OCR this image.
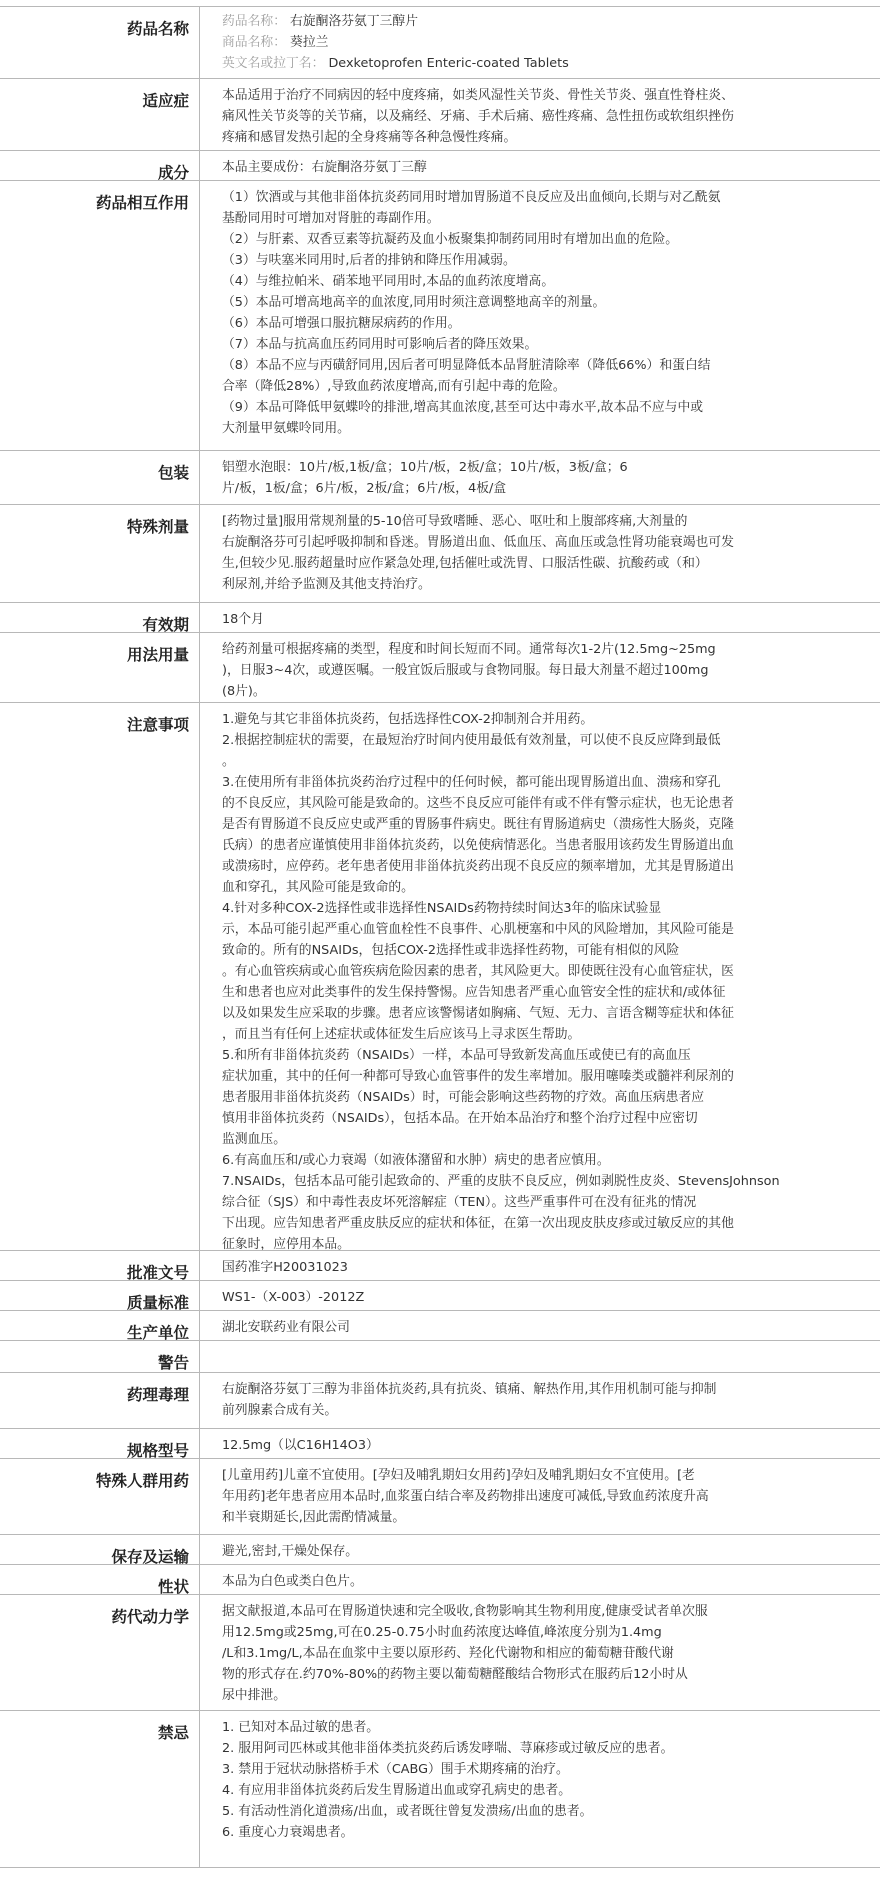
药品名称	药品名称： 右旋酮洛芬氨丁三醇片
商品名称： 葵拉兰
英文名或拉丁名： Dexketoprofen Enteric-coated Tablets
适应症	本品适用于治疗不同病因的轻中度疼痛，如类风湿性关节炎、骨性关节炎、强直性脊柱炎、
痛风性关节炎等的关节痛，以及痛经、牙痛、手术后痛、癌性疼痛、急性扭伤或软组织挫伤
疼痛和感冒发热引起的全身疼痛等各种急慢性疼痛。
成分	本品主要成份：右旋酮洛芬氨丁三醇
药品相互作用	（1）饮酒或与其他非甾体抗炎药同用时增加胃肠道不良反应及出血倾向,长期与对乙酰氨
基酚同用时可增加对肾脏的毒副作用。
（2）与肝素、双香豆素等抗凝药及血小板聚集抑制药同用时有增加出血的危险。
（3）与呋塞米同用时,后者的排钠和降压作用减弱。
（4）与维拉帕米、硝苯地平同用时,本品的血药浓度增高。
（5）本品可增高地高辛的血浓度,同用时须注意调整地高辛的剂量。
（6）本品可增强口服抗糖尿病药的作用。
（7）本品与抗高血压药同用时可影响后者的降压效果。
（8）本品不应与丙磺舒同用,因后者可明显降低本品肾脏清除率（降低66%）和蛋白结
合率（降低28%）,导致血药浓度增高,而有引起中毒的危险。
（9）本品可降低甲氨蝶呤的排泄,增高其血浓度,甚至可达中毒水平,故本品不应与中或
大剂量甲氨蝶呤同用。
包装	铝塑水泡眼：10片/板,1板/盒；10片/板，2板/盒；10片/板，3板/盒；6
片/板，1板/盒；6片/板，2板/盒；6片/板，4板/盒
特殊剂量	[药物过量]服用常规剂量的5-10倍可导致嗜睡、恶心、呕吐和上腹部疼痛,大剂量的
右旋酮洛芬可引起呼吸抑制和昏迷。胃肠道出血、低血压、高血压或急性肾功能衰竭也可发
生,但较少见.服药超量时应作紧急处理,包括催吐或洗胃、口服活性碳、抗酸药或（和）
利尿剂,并给予监测及其他支持治疗。
有效期	18个月
用法用量	给药剂量可根据疼痛的类型，程度和时间长短而不同。通常每次1-2片(12.5mg~25mg
)，日服3~4次，或遵医嘱。一般宜饭后服或与食物同服。每日最大剂量不超过100mg
(8片)。
注意事项	1.避免与其它非甾体抗炎药，包括选择性COX-2抑制剂合并用药。
2.根据控制症状的需要，在最短治疗时间内使用最低有效剂量，可以使不良反应降到最低
。
3.在使用所有非甾体抗炎药治疗过程中的任何时候，都可能出现胃肠道出血、溃疡和穿孔
的不良反应，其风险可能是致命的。这些不良反应可能伴有或不伴有警示症状，也无论患者
是否有胃肠道不良反应史或严重的胃肠事件病史。既往有胃肠道病史（溃疡性大肠炎，克隆
氏病）的患者应谨慎使用非甾体抗炎药，以免使病情恶化。当患者服用该药发生胃肠道出血
或溃疡时，应停药。老年患者使用非甾体抗炎药出现不良反应的频率增加，尤其是胃肠道出
血和穿孔，其风险可能是致命的。
4.针对多种COX-2选择性或非选择性NSAIDs药物持续时间达3年的临床试验显
示，本品可能引起严重心血管血栓性不良事件、心肌梗塞和中风的风险增加，其风险可能是
致命的。所有的NSAIDs，包括COX-2选择性或非选择性药物，可能有相似的风险
。有心血管疾病或心血管疾病危险因素的患者，其风险更大。即使既往没有心血管症状，医
生和患者也应对此类事件的发生保持警惕。应告知患者严重心血管安全性的症状和/或体征
以及如果发生应采取的步骤。患者应该警惕诸如胸痛、气短、无力、言语含糊等症状和体征
，而且当有任何上述症状或体征发生后应该马上寻求医生帮助。
5.和所有非甾体抗炎药（NSAIDs）一样，本品可导致新发高血压或使已有的高血压
症状加重，其中的任何一种都可导致心血管事件的发生率增加。服用噻嗪类或髓袢利尿剂的
患者服用非甾体抗炎药（NSAIDs）时，可能会影响这些药物的疗效。高血压病患者应
慎用非甾体抗炎药（NSAIDs），包括本品。在开始本品治疗和整个治疗过程中应密切
监测血压。
6.有高血压和/或心力衰竭（如液体潴留和水肿）病史的患者应慎用。
7.NSAIDs，包括本品可能引起致命的、严重的皮肤不良反应，例如剥脱性皮炎、StevensJohnson
综合征（SJS）和中毒性表皮坏死溶解症（TEN）。这些严重事件可在没有征兆的情况
下出现。应告知患者严重皮肤反应的症状和体征，在第一次出现皮肤皮疹或过敏反应的其他
征象时，应停用本品。
批准文号	国药准字H20031023
质量标准	WS1-（X-003）-2012Z
生产单位	湖北安联药业有限公司
警告
药理毒理	右旋酮洛芬氨丁三醇为非甾体抗炎药,具有抗炎、镇痛、解热作用,其作用机制可能与抑制
前列腺素合成有关。
规格型号	12.5mg（以C16H14O3）
特殊人群用药	[儿童用药]儿童不宜使用。[孕妇及哺乳期妇女用药]孕妇及哺乳期妇女不宜使用。[老
年用药]老年患者应用本品时,血浆蛋白结合率及药物排出速度可减低,导致血药浓度升高
和半衰期延长,因此需酌情减量。
保存及运输	避光,密封,干燥处保存。
性状	本品为白色或类白色片。
药代动力学	据文献报道,本品可在胃肠道快速和完全吸收,食物影响其生物利用度,健康受试者单次服
用12.5mg或25mg,可在0.25-0.75小时血药浓度达峰值,峰浓度分别为1.4mg
/L和3.1mg/L,本品在血浆中主要以原形药、羟化代谢物和相应的葡萄糖苷酸代谢
物的形式存在.约70%-80%的药物主要以葡萄糖醛酸结合物形式在服药后12小时从
尿中排泄。
禁忌	1. 已知对本品过敏的患者。
2. 服用阿司匹林或其他非甾体类抗炎药后诱发哮喘、荨麻疹或过敏反应的患者。
3. 禁用于冠状动脉搭桥手术（CABG）围手术期疼痛的治疗。
4. 有应用非甾体抗炎药后发生胃肠道出血或穿孔病史的患者。
5. 有活动性消化道溃疡/出血，或者既往曾复发溃疡/出血的患者。
6. 重度心力衰竭患者。
